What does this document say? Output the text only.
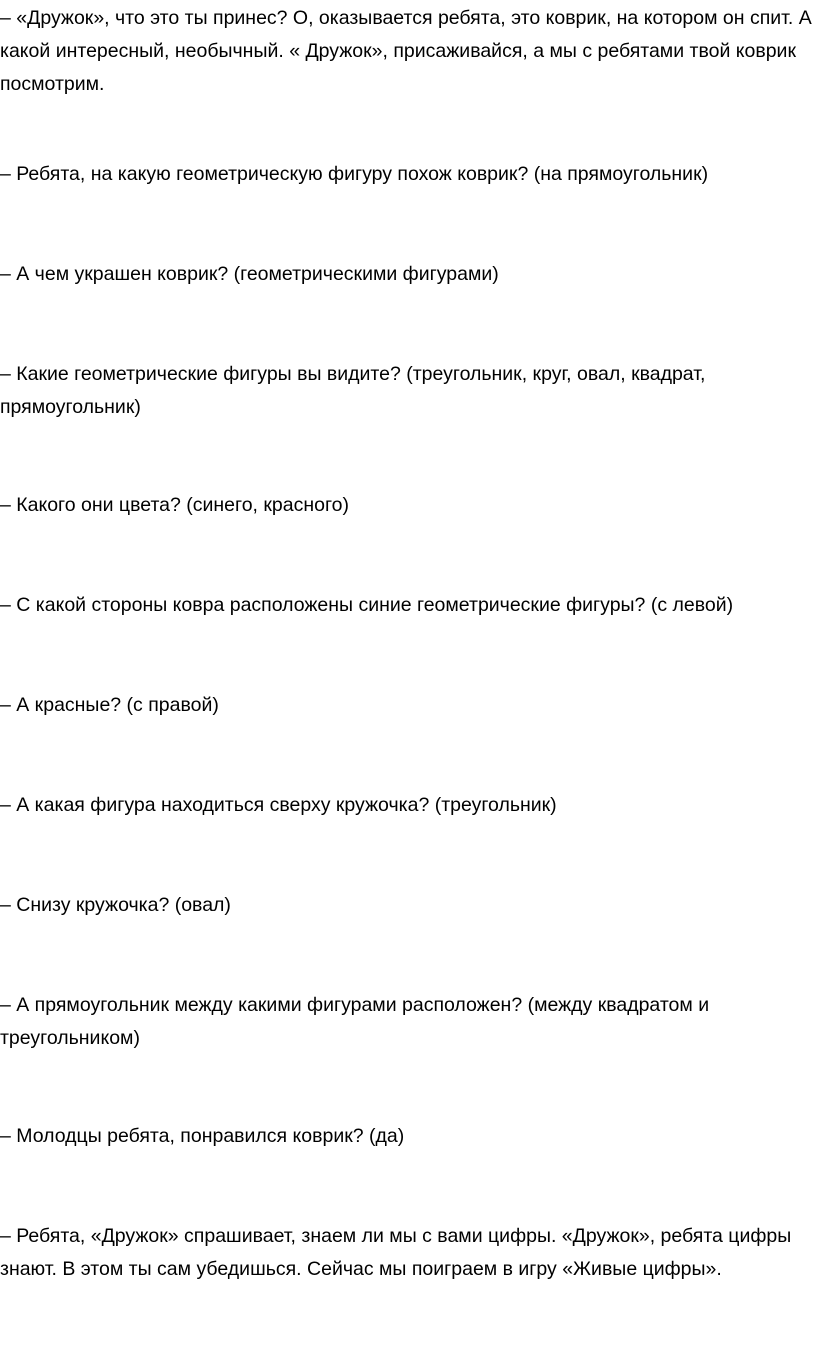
– «Дружок», что это ты принес? О, оказывается ребята, это коврик, на котором он спит. А какой интересный, необычный. « Дружок», присаживайся, а мы с ребятами твой коврик посмотрим.

– Ребята, на какую геометрическую фигуру похож коврик? (на прямоугольник)

– А чем украшен коврик? (геометрическими фигурами)

– Какие геометрические фигуры вы видите? (треугольник, круг, овал, квадрат, прямоугольник)

– Какого они цвета? (синего, красного)

– С какой стороны ковра расположены синие геометрические фигуры? (с левой)

– А красные? (с правой)

– А какая фигура находиться сверху кружочка? (треугольник)

– Снизу кружочка? (овал)

– А прямоугольник между какими фигурами расположен? (между квадратом и треугольником)

– Молодцы ребята, понравился коврик? (да)

– Ребята, «Дружок» спрашивает, знаем ли мы с вами цифры. «Дружок», ребята цифры знают. В этом ты сам убедишься. Сейчас мы поиграем в игру «Живые цифры».
